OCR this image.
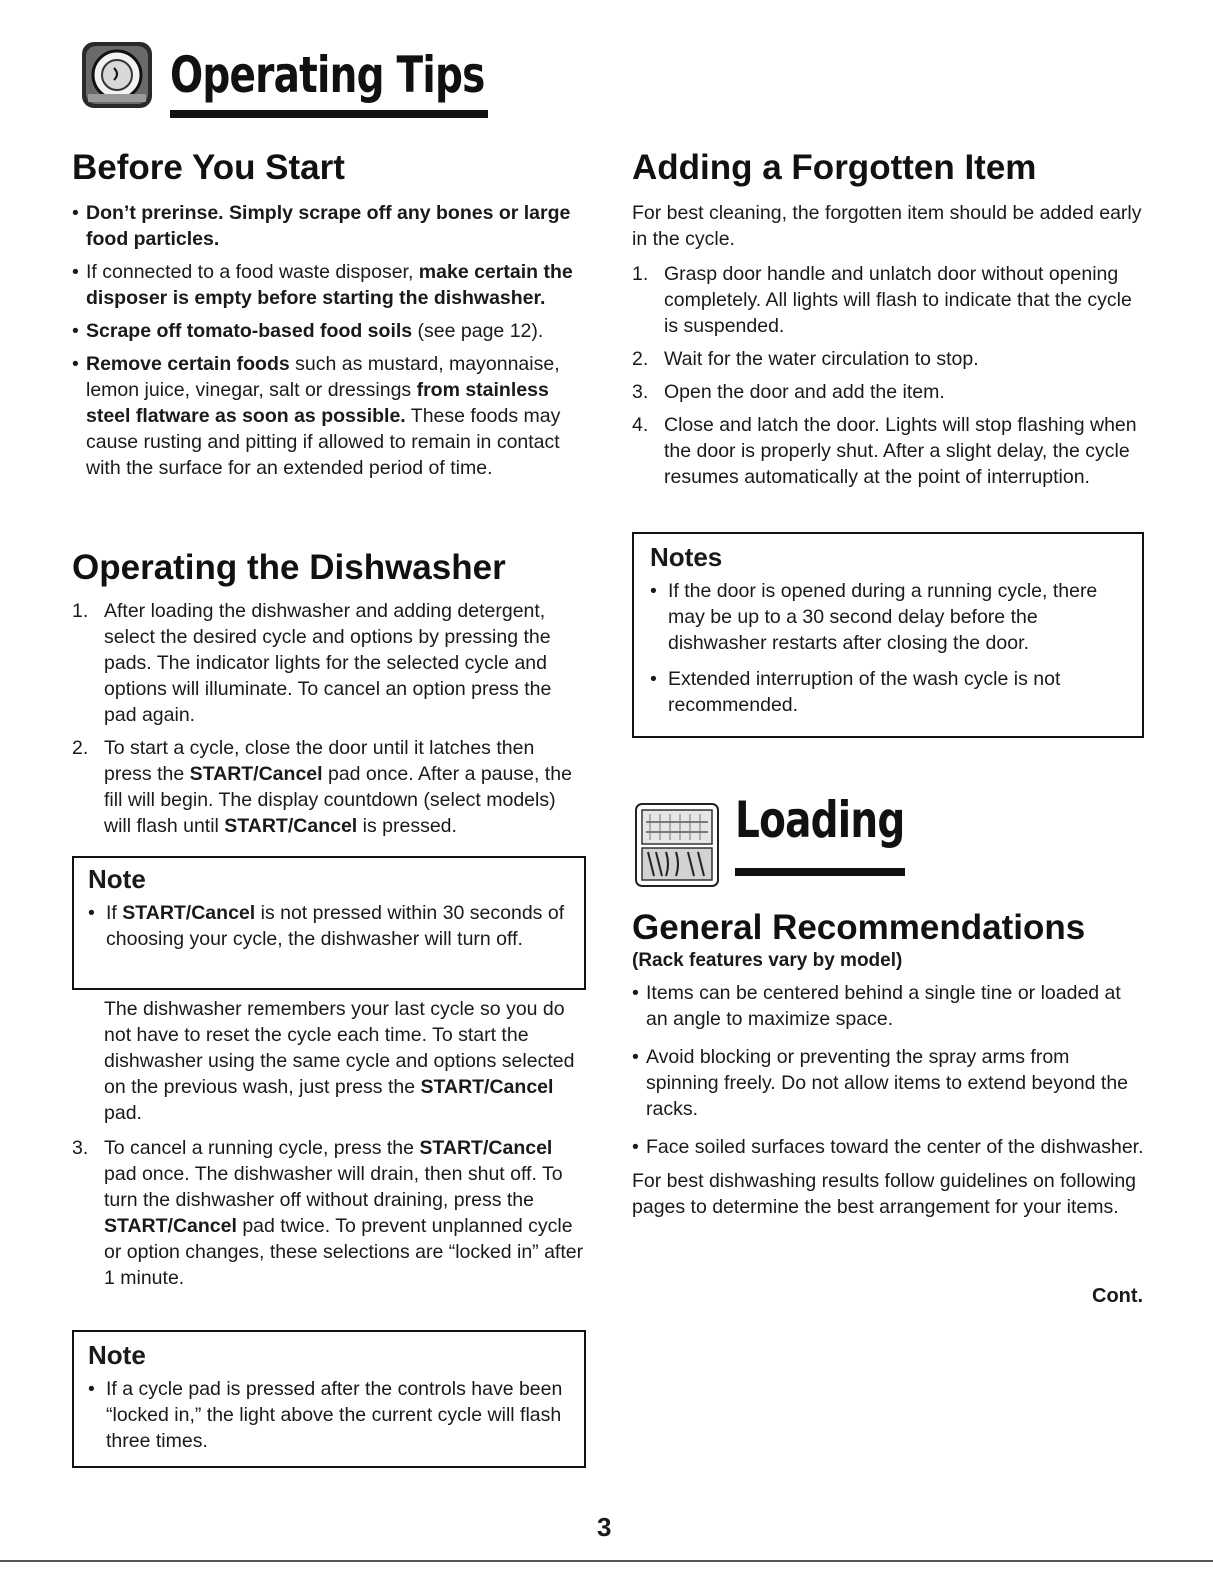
Operating Tips
Before You Start

• Don’t prerinse. Simply scrape off any bones or large food particles.

• If connected to a food waste disposer, make certain the disposer is empty before starting the dishwasher.

• Scrape off tomato-based food soils (see page 12).

• Remove certain foods such as mustard, mayonnaise, lemon juice, vinegar, salt or dressings from stainless steel flatware as soon as possible. These foods may cause rusting and pitting if allowed to remain in contact with the surface for an extended period of time.

Operating the Dishwasher
1. After loading the dishwasher and adding detergent, select the desired cycle and options by pressing the pads. The indicator lights for the selected cycle and options will illuminate. To cancel an option press the pad again.
2. To start a cycle, close the door until it latches then press the START/Cancel pad once. After a pause, the fill will begin. The display countdown (select models) will flash until START/Cancel is pressed.
Note

• If START/Cancel is not pressed within 30 seconds of choosing your cycle, the dishwasher will turn off.

The dishwasher remembers your last cycle so you do not have to reset the cycle each time. To start the dishwasher using the same cycle and options selected on the previous wash, just press the START/Cancel pad.
3. To cancel a running cycle, press the START/Cancel pad once. The dishwasher will drain, then shut off. To turn the dishwasher off without draining, press the START/Cancel pad twice. To prevent unplanned cycle or option changes, these selections are “locked in” after 1 minute.
Note

• If a cycle pad is pressed after the controls have been “locked in,” the light above the current cycle will flash three times.

Adding a Forgotten Item
For best cleaning, the forgotten item should be added early in the cycle.
1. Grasp door handle and unlatch door without opening completely. All lights will flash to indicate that the cycle is suspended.
2. Wait for the water circulation to stop.
3. Open the door and add the item.
4. Close and latch the door. Lights will stop flashing when the door is properly shut. After a slight delay, the cycle resumes automatically at the point of interruption.
Notes

• If the door is opened during a running cycle, there may be up to a 30 second delay before the dishwasher restarts after closing the door.

• Extended interruption of the wash cycle is not recommended.

Loading
General Recommendations
(Rack features vary by model)

• Items can be centered behind a single tine or loaded at an angle to maximize space.

• Avoid blocking or preventing the spray arms from spinning freely. Do not allow items to extend beyond the racks.

• Face soiled surfaces toward the center of the dishwasher.

For best dishwashing results follow guidelines on following pages to determine the best arrangement for your items.

Cont.
3
